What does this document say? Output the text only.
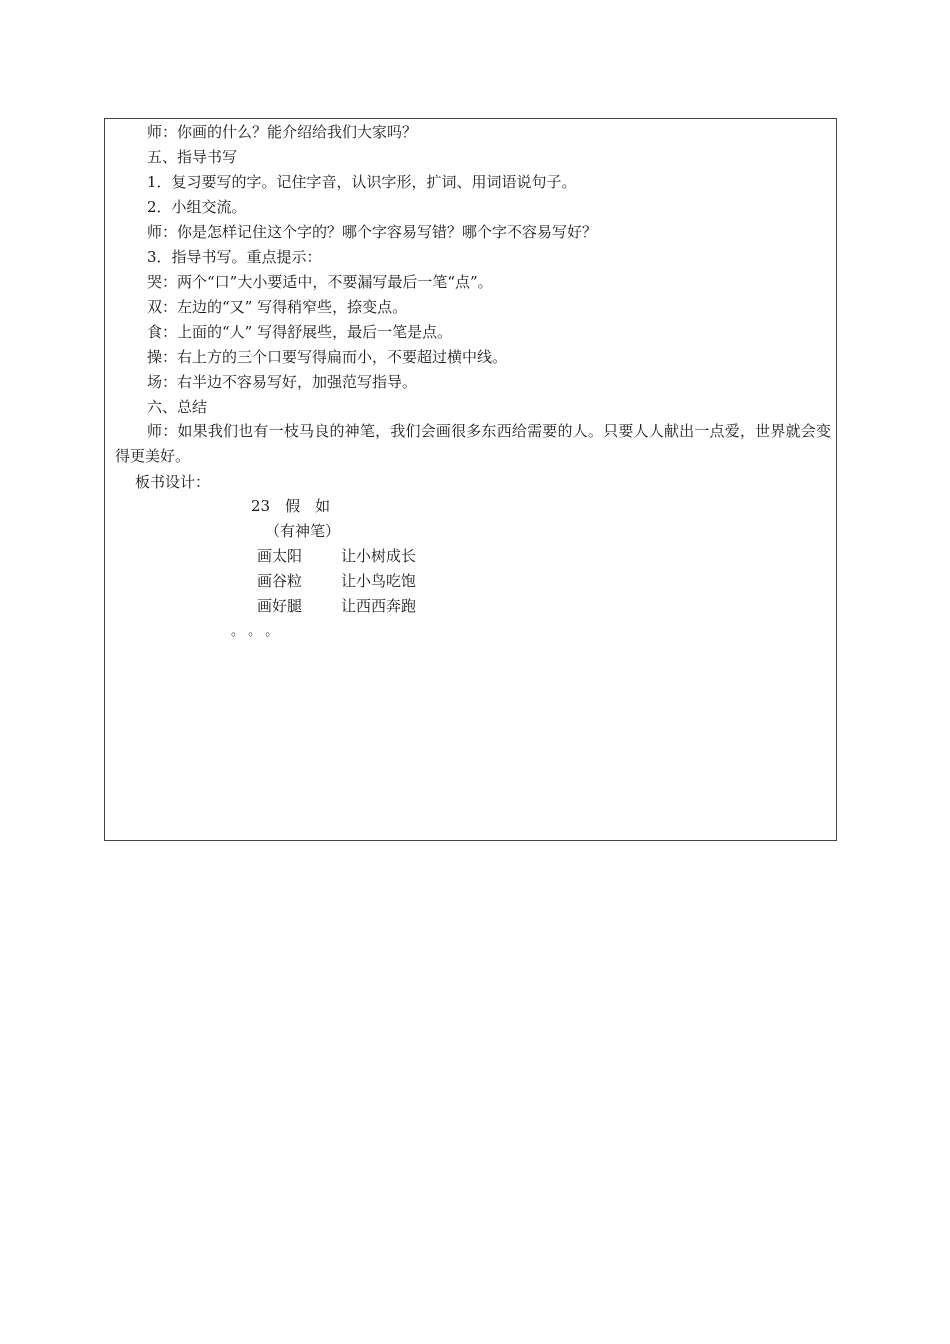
师：你画的什么？能介绍给我们大家吗？
五、指导书写
1．复习要写的字。记住字音，认识字形，扩词、用词语说句子。
2．小组交流。
师：你是怎样记住这个字的？哪个字容易写错？哪个字不容易写好？
3．指导书写。重点提示：
哭：两个“口”大小要适中，不要漏写最后一笔“点”。
双：左边的“又” 写得稍窄些，捺变点。
食：上面的“人” 写得舒展些，最后一笔是点。
操：右上方的三个口要写得扁而小，不要超过横中线。
场：右半边不容易写好，加强范写指导。
六、总结
师：如果我们也有一枝马良的神笔，我们会画很多东西给需要的人。只要人人献出一点爱，世界就会变得更美好。
板书设计：
23　假　如
（有神笔）
画太阳	让小树成长
画谷粒	让小鸟吃饱
画好腿	让西西奔跑
。 。 。
